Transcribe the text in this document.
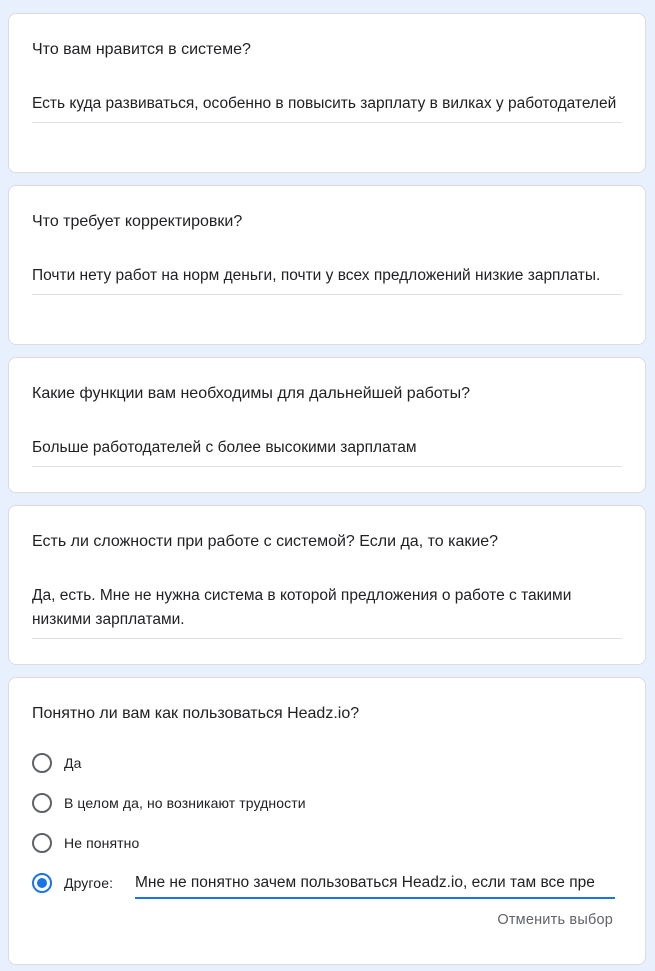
Что вам нравится в системе?
Есть куда развиваться, особенно в повысить зарплату в вилках у работодателей
Что требует корректировки?
Почти нету работ на норм деньги, почти у всех предложений низкие зарплаты.
Какие функции вам необходимы для дальнейшей работы?
Больше работодателей с более высокими зарплатам
Есть ли сложности при работе с системой? Если да, то какие?
Да, есть. Мне не нужна система в которой предложения о работе с такими низкими зарплатами.
Понятно ли вам как пользоваться Headz.io?
Да
В целом да, но возникают трудности
Не понятно
Другое: Мне не понятно зачем пользоваться Headz.io, если там все пре
Отменить выбор
